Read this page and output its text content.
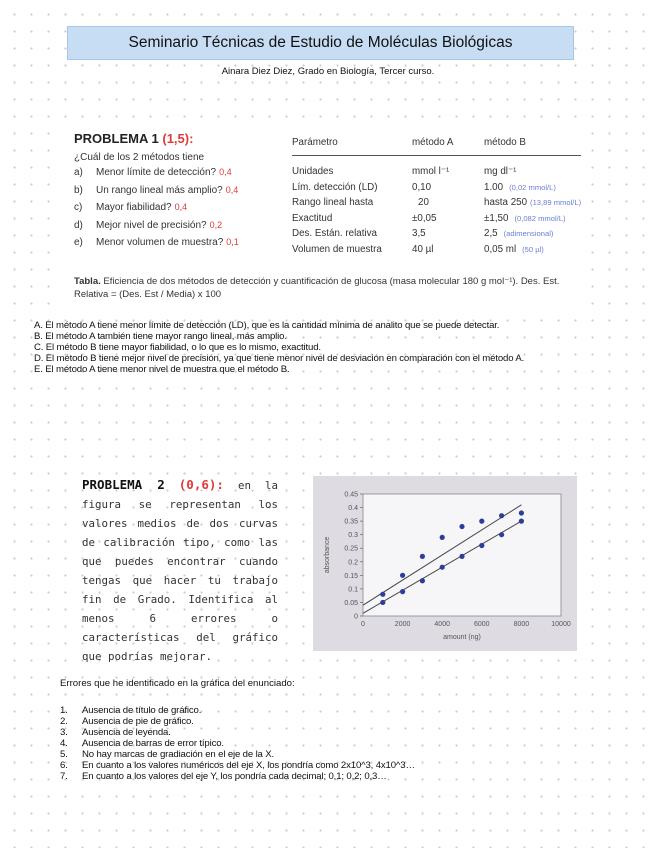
Seminario Técnicas de Estudio de Moléculas Biológicas
Ainara Diez Diez, Grado en Biología, Tercer curso.
PROBLEMA 1 (1,5):
¿Cuál de los 2 métodos tiene
a) Menor límite de detección? 0,4
b) Un rango lineal más amplio? 0,4
c) Mayor fiabilidad? 0,4
d) Mejor nivel de precisión? 0,2
e) Menor volumen de muestra? 0,1
Parámetro	método A	método B
Unidades	mmol l⁻¹	mg dl⁻¹
Lím. detección (LD)	0,10	1.00 (0,02 mmol/L)
Rango lineal hasta	20	hasta 250 (13,89 mmol/L)
Exactitud	±0,05	±1,50 (0,082 mmol/L)
Des. Están. relativa	3,5	2,5 (adimensional)
Volumen de muestra	40 µl	0,05 ml (50 µl)
Tabla. Eficiencia de dos métodos de detección y cuantificación de glucosa (masa molecular 180 g mol⁻¹). Des. Est. Relativa = (Des. Est / Media) x 100
A. El método A tiene menor límite de detección (LD), que es la cantidad mínima de analito que se puede detectar.
B. El método A también tiene mayor rango lineal, más amplio.
C. El método B tiene mayor fiabilidad, o lo que es lo mismo, exactitud.
D. El método B tiene mejor nivel de precisión, ya que tiene menor nivel de desviación en comparación con el método A.
E. El método A tiene menor nivel de muestra que el método B.
PROBLEMA 2 (0,6): en la figura se representan los valores medios de dos curvas de calibración tipo, como las que puedes encontrar cuando tengas que hacer tu trabajo fin de Grado. Identifica al menos 6 errores o características del gráfico que podrías mejorar.
0
0.05
0.1
0.15
0.2
0.25
0.3
0.35
0.4
0.45
0	2000	4000	6000	8000	10000
amount (ng)
absorbance
Errores que he identificado en la gráfica del enunciado:
1. Ausencia de título de gráfico.
2. Ausencia de pie de gráfico.
3. Ausencia de leyenda.
4. Ausencia de barras de error típico.
5. No hay marcas de gradiación en el eje de la X.
6. En cuanto a los valores numéricos del eje X, los pondría como 2x10^3, 4x10^3…
7. En cuanto a los valores del eje Y, los pondría cada decimal; 0,1; 0,2; 0,3…
